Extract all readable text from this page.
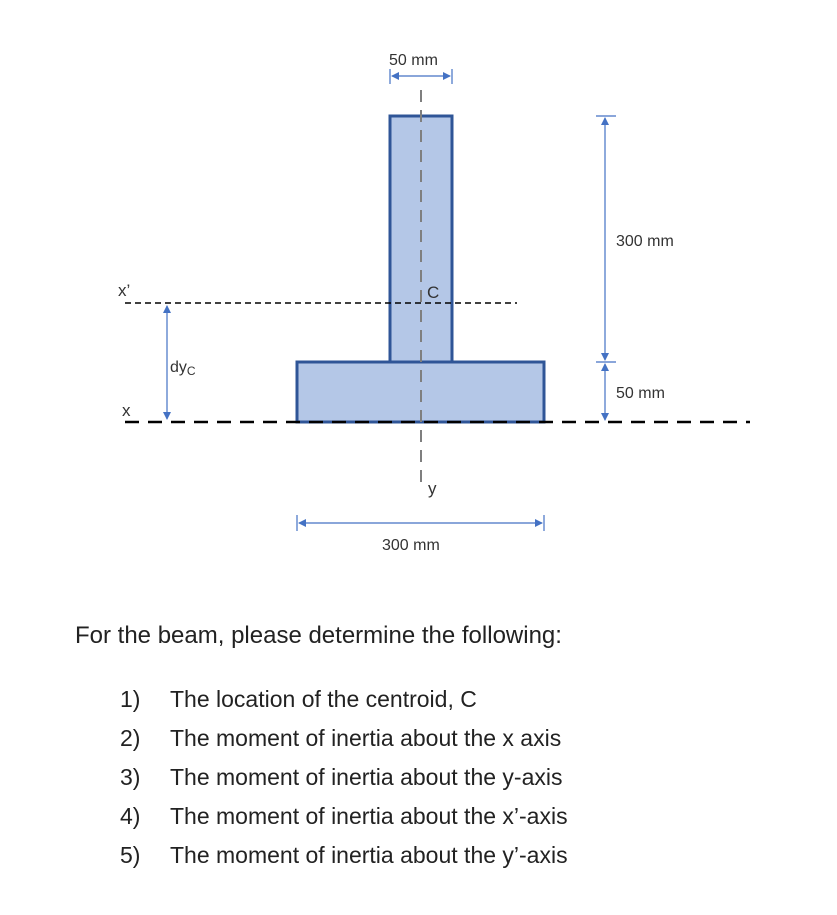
50 mm
300 mm
50 mm
300 mm
dyC
x’
x
y
C
For the beam, please determine the following:
1) The location of the centroid, C
2) The moment of inertia about the x axis
3) The moment of inertia about the y-axis
4) The moment of inertia about the x’-axis
5) The moment of inertia about the y’-axis
